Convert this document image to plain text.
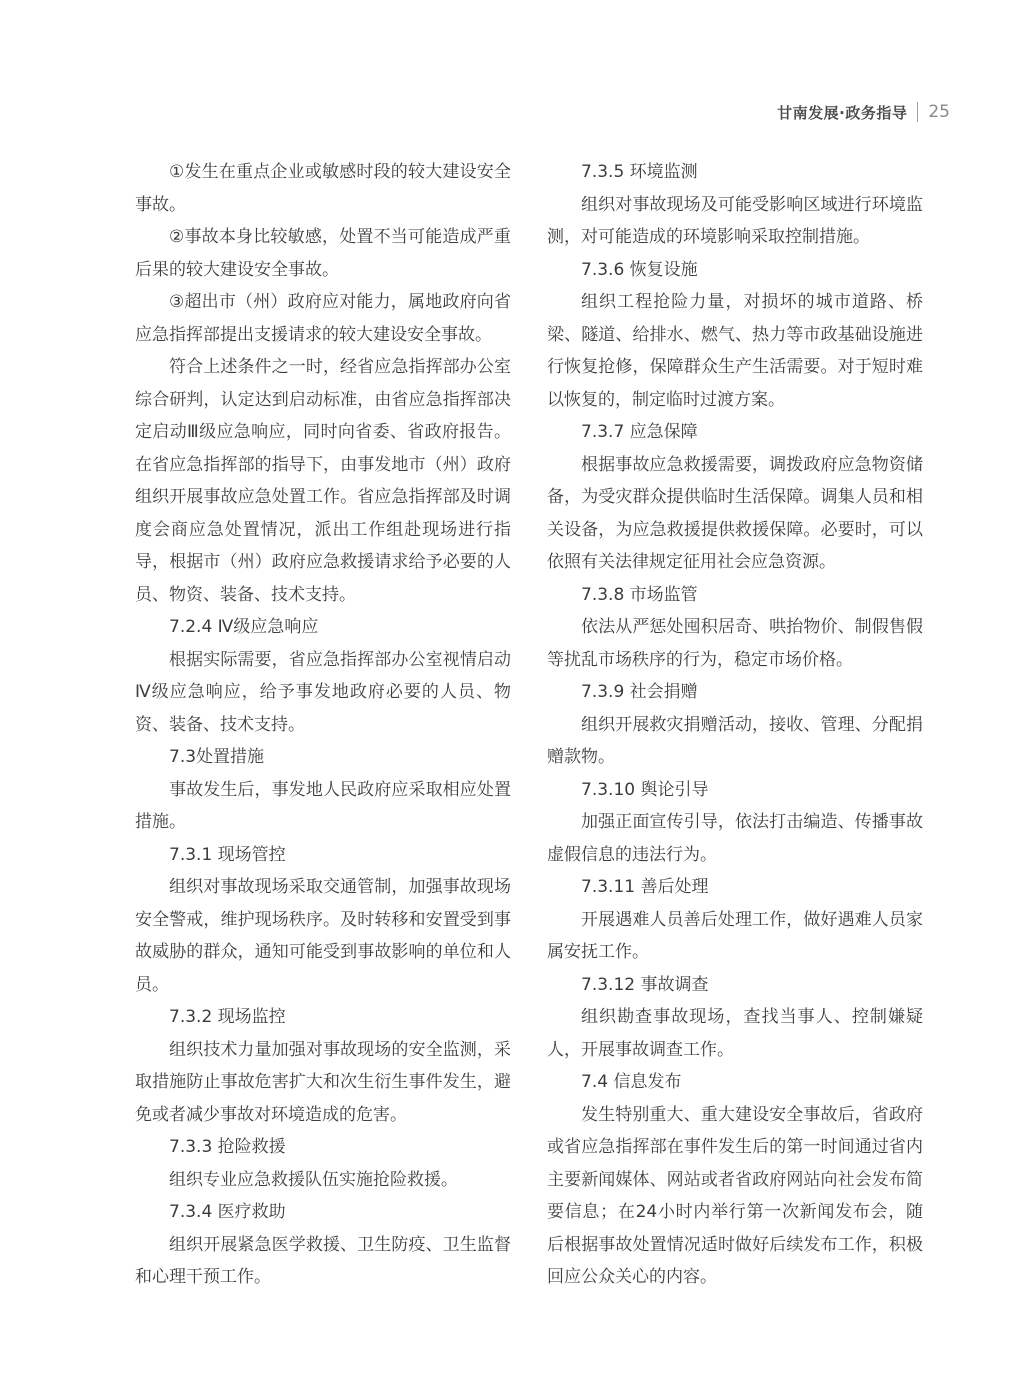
甘南发展·政务指导 25
①发生在重点企业或敏感时段的较大建设安全
事故。
②事故本身比较敏感，处置不当可能造成严重
后果的较大建设安全事故。
③超出市（州）政府应对能力，属地政府向省
应急指挥部提出支援请求的较大建设安全事故。
符合上述条件之一时，经省应急指挥部办公室
综合研判，认定达到启动标准，由省应急指挥部决
定启动Ⅲ级应急响应，同时向省委、省政府报告。
在省应急指挥部的指导下，由事发地市（州）政府
组织开展事故应急处置工作。省应急指挥部及时调
度会商应急处置情况，派出工作组赴现场进行指
导，根据市（州）政府应急救援请求给予必要的人
员、物资、装备、技术支持。
7.2.4 Ⅳ级应急响应
根据实际需要，省应急指挥部办公室视情启动
Ⅳ级应急响应，给予事发地政府必要的人员、物
资、装备、技术支持。
7.3处置措施
事故发生后，事发地人民政府应采取相应处置
措施。
7.3.1 现场管控
组织对事故现场采取交通管制，加强事故现场
安全警戒，维护现场秩序。及时转移和安置受到事
故威胁的群众，通知可能受到事故影响的单位和人
员。
7.3.2 现场监控
组织技术力量加强对事故现场的安全监测，采
取措施防止事故危害扩大和次生衍生事件发生，避
免或者减少事故对环境造成的危害。
7.3.3 抢险救援
组织专业应急救援队伍实施抢险救援。
7.3.4 医疗救助
组织开展紧急医学救援、卫生防疫、卫生监督
和心理干预工作。
7.3.5 环境监测
组织对事故现场及可能受影响区域进行环境监
测，对可能造成的环境影响采取控制措施。
7.3.6 恢复设施
组织工程抢险力量，对损坏的城市道路、桥
梁、隧道、给排水、燃气、热力等市政基础设施进
行恢复抢修，保障群众生产生活需要。对于短时难
以恢复的，制定临时过渡方案。
7.3.7 应急保障
根据事故应急救援需要，调拨政府应急物资储
备，为受灾群众提供临时生活保障。调集人员和相
关设备，为应急救援提供救援保障。必要时，可以
依照有关法律规定征用社会应急资源。
7.3.8 市场监管
依法从严惩处囤积居奇、哄抬物价、制假售假
等扰乱市场秩序的行为，稳定市场价格。
7.3.9 社会捐赠
组织开展救灾捐赠活动，接收、管理、分配捐
赠款物。
7.3.10 舆论引导
加强正面宣传引导，依法打击编造、传播事故
虚假信息的违法行为。
7.3.11 善后处理
开展遇难人员善后处理工作，做好遇难人员家
属安抚工作。
7.3.12 事故调查
组织勘查事故现场，查找当事人、控制嫌疑
人，开展事故调查工作。
7.4 信息发布
发生特别重大、重大建设安全事故后，省政府
或省应急指挥部在事件发生后的第一时间通过省内
主要新闻媒体、网站或者省政府网站向社会发布简
要信息；在24小时内举行第一次新闻发布会，随
后根据事故处置情况适时做好后续发布工作，积极
回应公众关心的内容。
